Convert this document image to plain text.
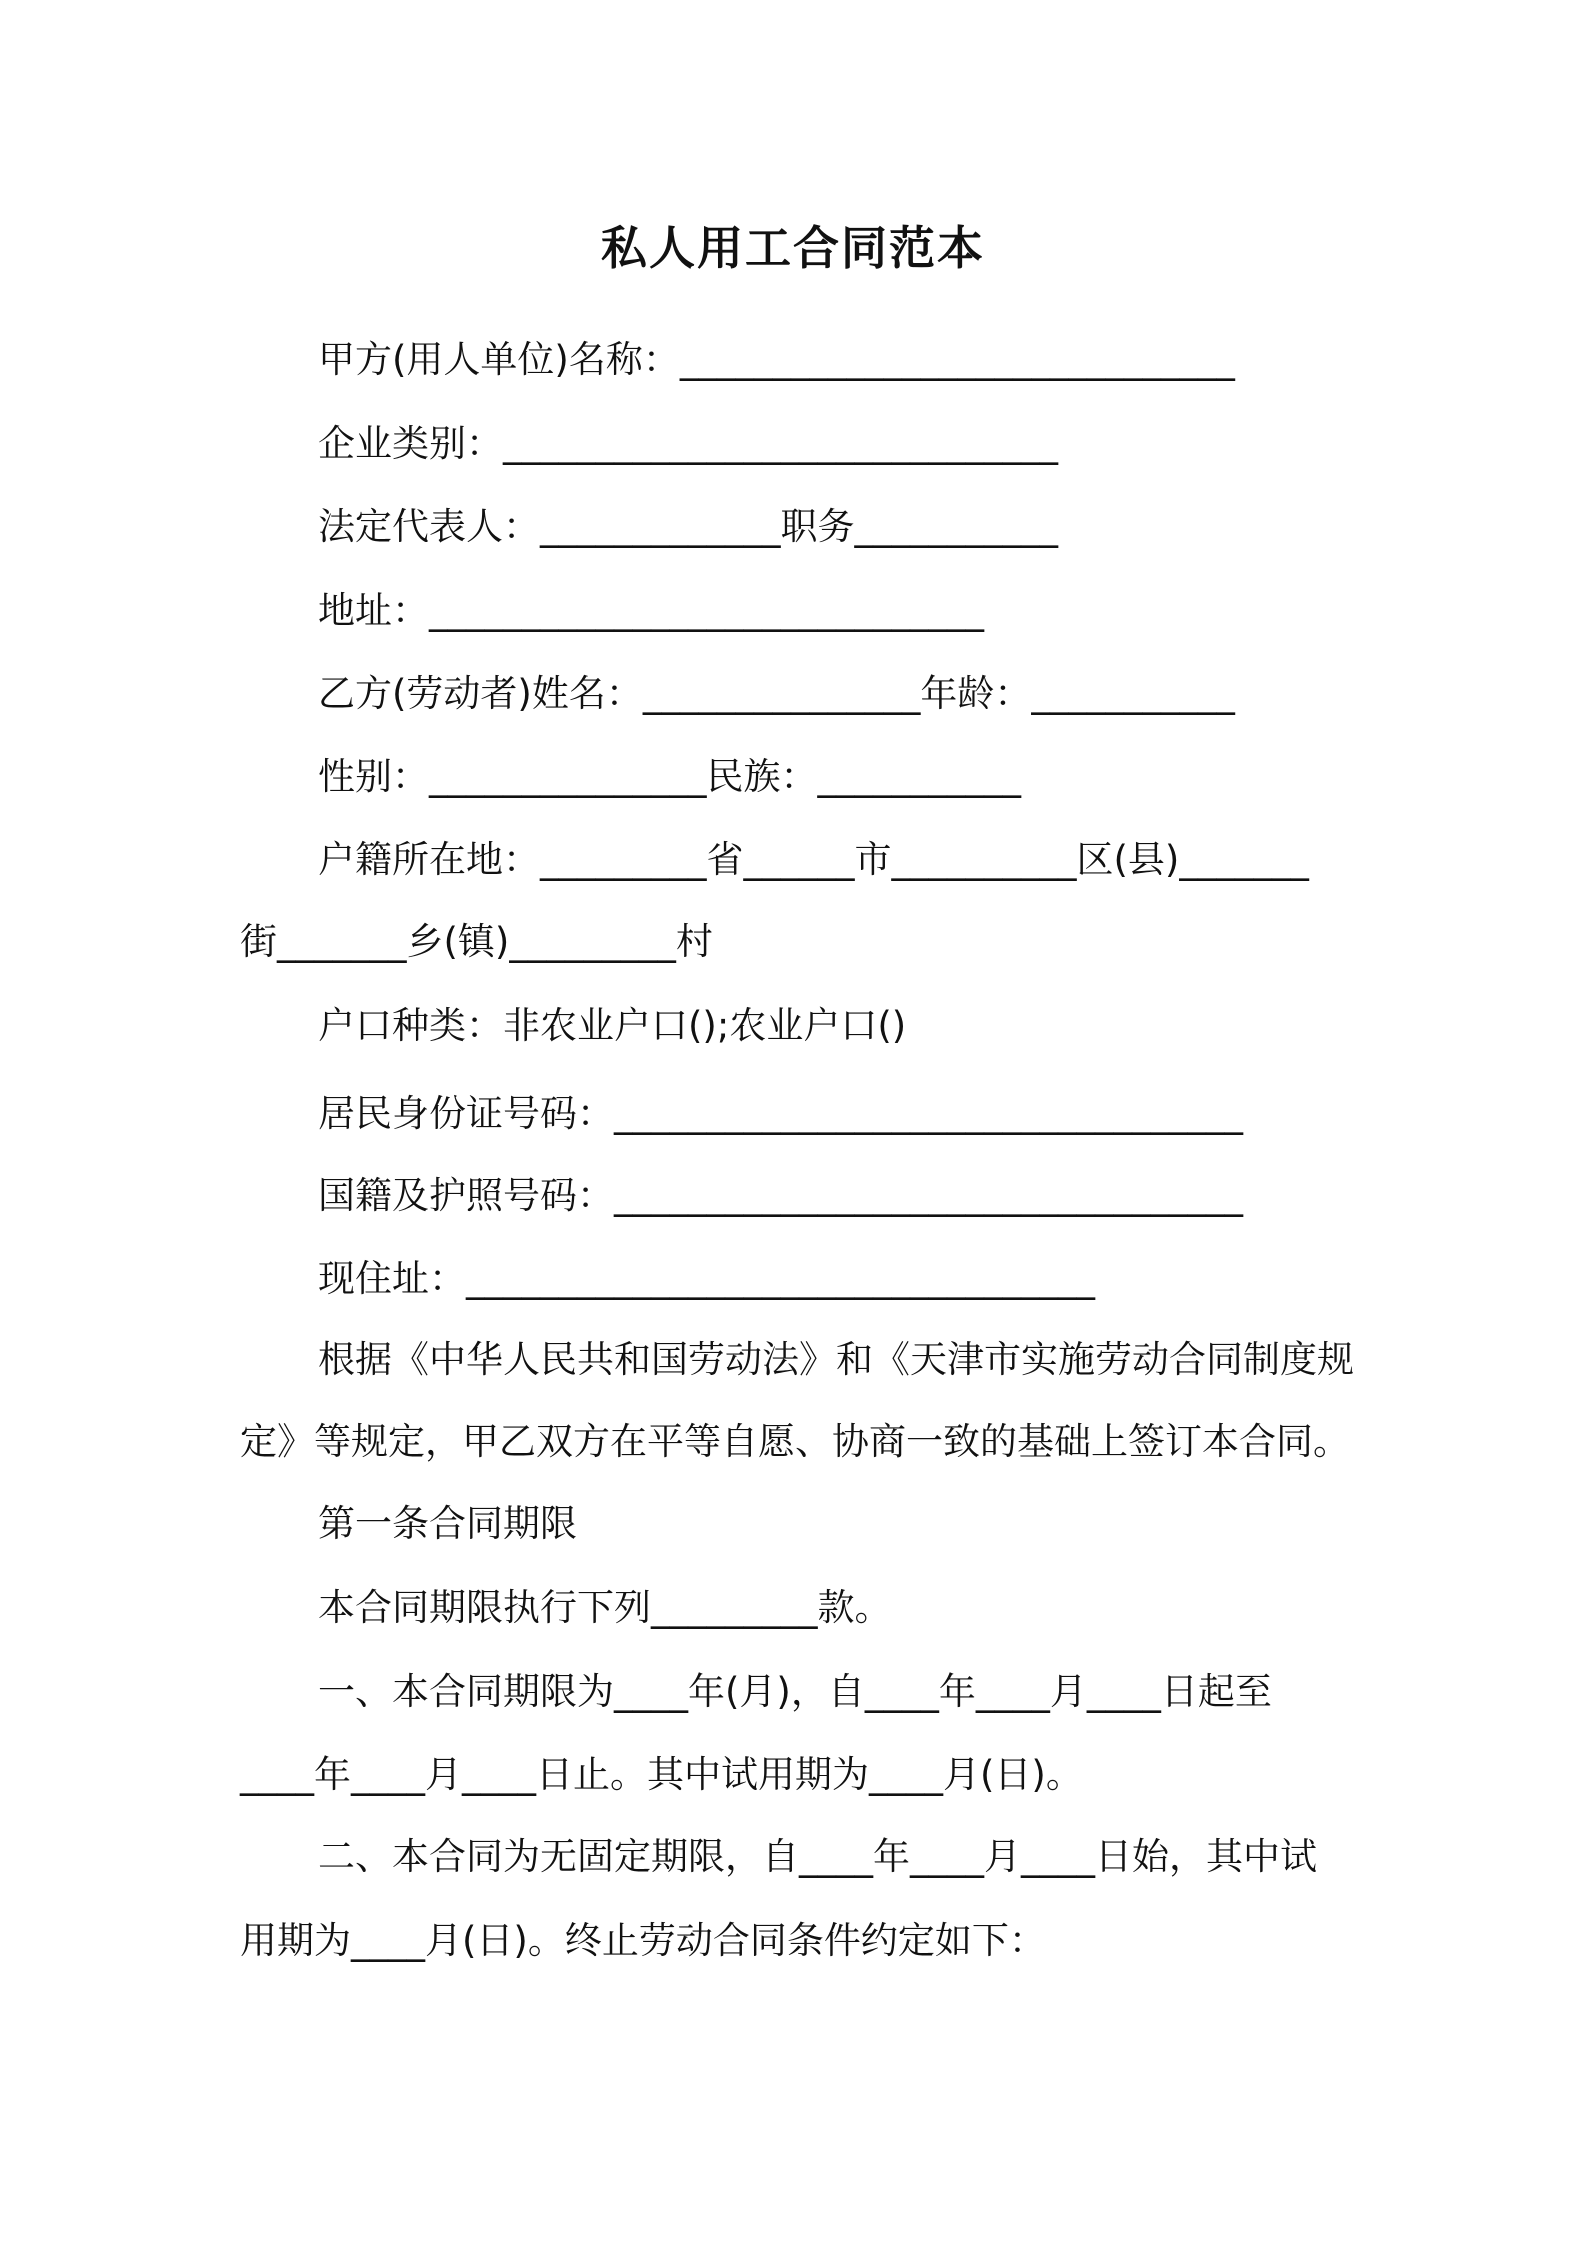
私人用工合同范本
甲方(用人单位)名称：______________________________
企业类别：______________________________
法定代表人：_____________职务___________
地址：______________________________
乙方(劳动者)姓名：_______________年龄：___________
性别：_______________民族：___________
户籍所在地：_________省______市__________区(县)_______
街_______乡(镇)_________村
户口种类：非农业户口();农业户口()
居民身份证号码：__________________________________
国籍及护照号码：__________________________________
现住址：__________________________________
根据《中华人民共和国劳动法》和《天津市实施劳动合同制度规
定》等规定，甲乙双方在平等自愿、协商一致的基础上签订本合同。
第一条合同期限
本合同期限执行下列_________款。
一、本合同期限为____年(月)，自____年____月____日起至
____年____月____日止。其中试用期为____月(日)。
二、本合同为无固定期限，自____年____月____日始，其中试
用期为____月(日)。终止劳动合同条件约定如下：
